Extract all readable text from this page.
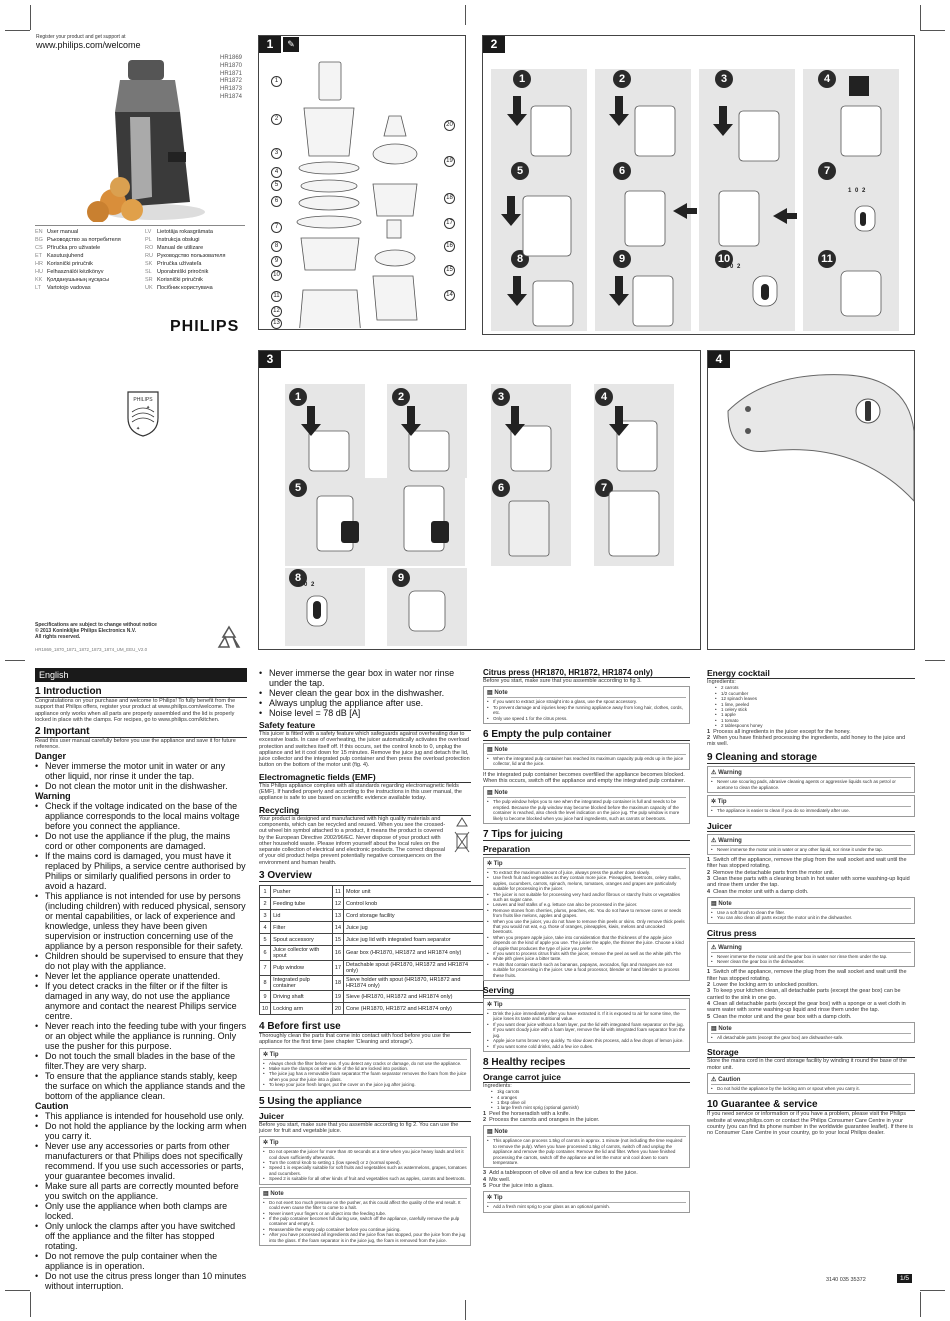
Register your product and get support at
www.philips.com/welcome
HR1869
HR1870
HR1871
HR1872
HR1873
HR1874
EN User manual
BG Ръководство за потребителя
CS Příručka pro uživatele
ET Kasutusjuhend
HR Korisnički priručnik
HU Felhasználói kézikönyv
KK Қолданушының нұсқасы
LT Vartotojo vadovas
LV Lietotāja rokasgrāmata
PL Instrukcja obsługi
RO Manual de utilizare
RU Руководство пользователя
SK Príručka užívateľa
SL Uporabniški priročnik
SR Korisnički priručnik
UK Посібник користувача
PHILIPS
PHILIPS
✦
✦
Specifications are subject to change without notice
© 2013 Koninklijke Philips Electronics N.V.
All rights reserved.
HR1869_1870_1871_1872_1873_1874_UM_EEU_V2.0
1	✎
1
2
3
4
5
6
7
8
9
10
11
12
13
20
19
18
17
16
15
14
2
1	2	3	4
5	6	7
8	9	10	11
1 0 2
1 0 2
3
1	2	3	4
5	6	7
8	9
1 0 2
4
English
1 Introduction
Congratulations on your purchase and welcome to Philips! To fully benefit from the support that Philips offers, register your product at www.philips.com/welcome. The appliance only works when all parts are properly assembled and the lid is properly locked in place with the clamps. For recipes, go to www.philips.com/kitchen.
2 Important
Read this user manual carefully before you use the appliance and save it for future reference.
Danger
• Never immerse the motor unit in water or any other liquid, nor rinse it under the tap.
• Do not clean the motor unit in the dishwasher.
Warning
• Check if the voltage indicated on the base of the appliance corresponds to the local mains voltage before you connect the appliance.
• Do not use the appliance if the plug, the mains cord or other components are damaged.
• If the mains cord is damaged, you must have it replaced by Philips, a service centre authorised by Philips or similarly qualified persons in order to avoid a hazard.
• This appliance is not intended for use by persons (including children) with reduced physical, sensory or mental capabilities, or lack of experience and knowledge, unless they have been given supervision or instruction concerning use of the appliance by a person responsible for their safety.
• Children should be supervised to ensure that they do not play with the appliance.
• Never let the appliance operate unattended.
• If you detect cracks in the filter or if the filter is damaged in any way, do not use the appliance anymore and contact the nearest Philips service centre.
• Never reach into the feeding tube with your fingers or an object while the appliance is running. Only use the pusher for this purpose.
• Do not touch the small blades in the base of the filter.They are very sharp.
• To ensure that the appliance stands stably, keep the surface on which the appliance stands and the bottom of the appliance clean.
Caution
• This appliance is intended for household use only.
• Do not hold the appliance by the locking arm when you carry it.
• Never use any accessories or parts from other manufacturers or that Philips does not specifically recommend. If you use such accessories or parts, your guarantee becomes invalid.
• Make sure all parts are correctly mounted before you switch on the appliance.
• Only use the appliance when both clamps are locked.
• Only unlock the clamps after you have switched off the appliance and the filter has stopped rotating.
• Do not remove the pulp container when the appliance is in operation.
• Do not use the citrus press longer than 10 minutes without interruption.
• Never immerse the gear box in water nor rinse under the tap.
• Never clean the gear box in the dishwasher.
• Always unplug the appliance after use.
• Noise level = 78 dB [A]
Safety feature
This juicer is fitted with a safety feature which safeguards against overheating due to excessive loads. In case of overheating, the juicer automatically activates the overload protection and switches itself off. If this occurs, set the control knob to 0, unplug the appliance and let it cool down for 15 minutes. Remove the juice jug and detach the lid, juice collector and the integrated pulp container and then press the overload protection button on the bottom of the motor unit (fig. 4).
Electromagnetic fields (EMF)
This Philips appliance complies with all standards regarding electromagnetic fields (EMF). If handled properly and according to the instructions in this user manual, the appliance is safe to use based on scientific evidence available today.
Recycling
Your product is designed and manufactured with high quality materials and components, which can be recycled and reused. When you see the crossed-out wheel bin symbol attached to a product, it means the product is covered by the European Directive 2002/96/EC. Never dispose of your product with other household waste. Please inform yourself about the local rules on the separate collection of electrical and electronic products. The correct disposal of your old product helps prevent potentially negative consequences on the environment and human health.
3 Overview
1	Pusher	11	Motor unit
2	Feeding tube	12	Control knob
3	Lid	13	Cord storage facility
4	Filter	14	Juice jug
5	Spout accessory	15	Juice jug lid with integrated foam separator
6	Juice collector with spout	16	Gear box (HR1870, HR1872 and HR1874 only)
7	Pulp window	17	Detachable spout (HR1870, HR1872 and HR1874 only)
8	Integrated pulp container	18	Sieve holder with spout (HR1870, HR1872 and HR1874 only)
9	Driving shaft	19	Sieve (HR1870, HR1872 and HR1874 only)
10	Locking arm	20	Cone (HR1870, HR1872 and HR1874 only)
4 Before first use
Thoroughly clean the parts that come into contact with food before you use the appliance for the first time (see chapter 'Cleaning and storage').
✲ Tip
• Always check the filter before use. If you detect any cracks or damage, do not use the appliance.
• Make sure the clamps on either side of the lid are locked into position.
• The juice jug has a removable foam separator.The foam separator removes the foam from the juice when you pour the juice into a glass.
• To keep your juice fresh longer, put the cover on the juice jug after juicing.
5 Using the appliance
Juicer
Before you start, make sure that you assemble according to fig 2. You can use the juicer for fruit and vegetable juice.
✲ Tip
• Do not operate the juicer for more than 40 seconds at a time when you juice heavy loads and let it cool down sufficiently afterwards.
• Turn the control knob to setting 1 (low speed) or 2 (normal speed).
• Speed 1 is especially suitable for soft fruits and vegetables such as watermelons, grapes, tomatoes and cucumbers.
• Speed 2 is suitable for all other kinds of fruit and vegetables such as apples, carrots and beetroots.
▤ Note
• Do not exert too much pressure on the pusher, as this could affect the quality of the end result. It could even cause the filter to come to a halt.
• Never insert your fingers or an object into the feeding tube.
• If the pulp container becomes full during use, switch off the appliance, carefully remove the pulp container and empty it.
• Reassemble the empty pulp container before you continue juicing.
• After you have processed all ingredients and the juice flow has stopped, pour the juice from the jug into the glass. If the foam separator is in the juice jug, the foam is removed from the juice.
Citrus press (HR1870, HR1872, HR1874 only)
Before you start, make sure that you assemble according to fig 3.
▤ Note
• If you want to extract juice straight into a glass, use the spout accessory.
• To prevent damage and injuries keep the running appliance away from long hair, clothes, cords, etc.
• Only use speed 1 for the citrus press.
6 Empty the pulp container
▤ Note
• When the integrated pulp container has reached its maximum capacity pulp ends up in the juice collector, lid and the juice.
If the integrated pulp container becomes overfilled the appliance becomes blocked. When this occurs, switch off the appliance and empty the integrated pulp container.
▤ Note
• The pulp window helps you to see when the integrated pulp container is full and needs to be emptied. Because the pulp window may become blocked before the maximum capacity of the container is reached, also check the level indication on the juice jug. The pulp window is more likely to become blocked when you juice hard ingredients, such as carrots or beetroots.
7 Tips for juicing
Preparation
✲ Tip
• To extract the maximum amount of juice, always press the pusher down slowly.
• Use fresh fruit and vegetables as they contain more juice. Pineapples, beetroots, celery stalks, apples, cucumbers, carrots, spinach, melons, tomatoes, oranges and grapes are particularly suitable for processing in the juicer.
• The juicer is not suitable for processing very hard and/or fibrous or starchy fruits or vegetables such as sugar cane.
• Leaves and leaf stalks of e.g. lettuce can also be processed in the juicer.
• Remove stones from cherries, plums, peaches, etc. You do not have to remove cores or seeds from fruits like melons, apples and grapes.
• When you use the juicer, you do not have to remove thin peels or skins. Only remove thick peels that you would not eat, e.g. those of oranges, pineapples, kiwis, melons and uncooked beetroots.
• When you prepare apple juice, take into consideration that the thickness of the apple juice depends on the kind of apple you use. The juicier the apple, the thinner the juice. Choose a kind of apple that produces the type of juice you prefer.
• If you want to process citrus fruits with the juicer, remove the peel as well as the white pith.The white pith gives juice a bitter taste.
• Fruits that contain starch such as bananas, papayas, avocados, figs and mangoes are not suitable for processing in the juicer. Use a food processor, blender or hand blender to process these fruits.
Serving
✲ Tip
• Drink the juice immediately after you have extracted it. If it is exposed to air for some time, the juice loses its taste and nutritional value.
• If you want clear juice without a foam layer, put the lid with integrated foam separator on the jug. If you want cloudy juice with a foam layer, remove the lid with integrated foam separator from the jug.
• Apple juice turns brown very quickly. To slow down this process, add a few drops of lemon juice.
• If you want some cold drinks, add a few ice cubes.
8 Healthy recipes
Orange carrot juice
Ingredients:
• 1kg carrots
• 4 oranges
• 1 tbsp olive oil
• 1 large fresh mint sprig (optional garnish)
1 Peel the horseradish with a knife.
2 Process the carrots and oranges in the juicer.
▤ Note
• This appliance can process 1.5kg of carrots in approx. 1 minute (not including the time required to remove the pulp). When you have processed 1.5kg of carrots, switch off and unplug the appliance and remove the pulp container. Remove the lid and filter. When you have finished processing the carrots, switch off the appliance and let the motor unit cool down to room temperature.
3 Add a tablespoon of olive oil and a few ice cubes to the juice.
4 Mix well.
5 Pour the juice into a glass.
✲ Tip
• Add a fresh mint sprig to your glass as an optional garnish.
Energy cocktail
Ingredients:
• 2 carrots
• 1/2 cucumber
• 12 spinach leaves
• 1 lime, peeled
• 1 celery stick
• 1 apple
• 1 tomato
• 2 tablespoons honey
1 Process all ingredients in the juicer except for the honey.
2 When you have finished processing the ingredients, add honey to the juice and mix well.
9 Cleaning and storage
⚠ Warning
• Never use scouring pads, abrasive cleaning agents or aggressive liquids such as petrol or acetone to clean the appliance.
✲ Tip
• The appliance is easier to clean if you do so immediately after use.
Juicer
⚠ Warning
• Never immerse the motor unit in water or any other liquid, nor rinse it under the tap.
1 Switch off the appliance, remove the plug from the wall socket and wait until the filter has stopped rotating.
2 Remove the detachable parts from the motor unit.
3 Clean these parts with a cleaning brush in hot water with some washing-up liquid and rinse them under the tap.
4 Clean the motor unit with a damp cloth.
▤ Note
• Use a soft brush to clean the filter.
• You can also clean all parts except the motor unit in the dishwasher.
Citrus press
⚠ Warning
• Never immerse the motor unit and the gear box in water nor rinse them under the tap.
• Never clean the gear box in the dishwasher.
1 Switch off the appliance, remove the plug from the wall socket and wait until the filter has stopped rotating.
2 Lower the locking arm to unlocked position.
3 To keep your kitchen clean, all detachable parts (except the gear box) can be carried to the sink in one go.
4 Clean all detachable parts (except the gear box) with a sponge or a wet cloth in warm water with some washing-up liquid and rinse them under the tap.
5 Clean the motor unit and the gear box with a damp cloth.
▤ Note
• All detachable parts (except the gear box) are dishwasher-safe.
Storage
Store the mains cord in the cord storage facility by winding it round the base of the motor unit.
⚠ Caution
• Do not hold the appliance by the locking arm or spout when you carry it.
10 Guarantee & service
If you need service or information or if you have a problem, please visit the Philips website at www.philips.com or contact the Philips Consumer Care Centre in your country (you can find its phone number in the worldwide guarantee leaflet). If there is no Consumer Care Centre in your country, go to your local Philips dealer.
3140 035 35372	1/5
